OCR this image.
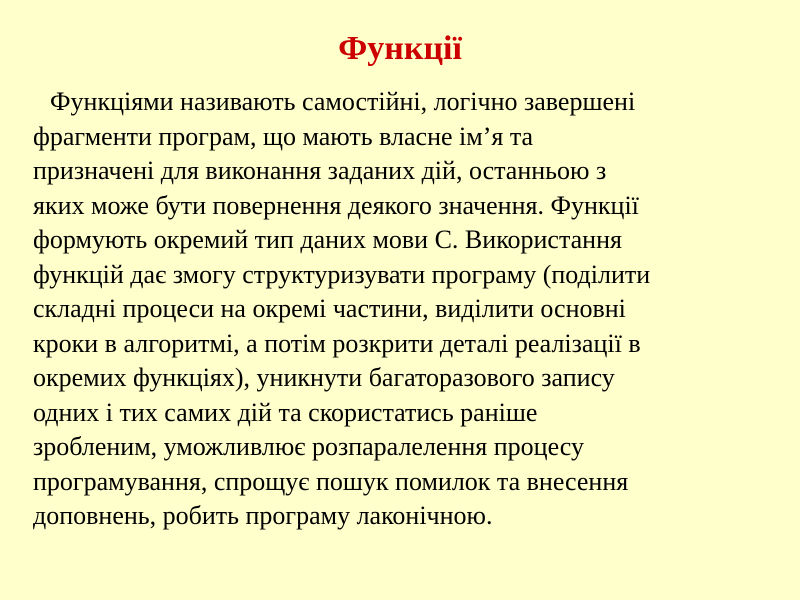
Функції

Функціями називають самостійні, логічно завершені
фрагменти програм, що мають власне ім’я та
призначені для виконання заданих дій, останньою з
яких може бути повернення деякого значення. Функції
формують окремий тип даних мови С. Використання
функцій дає змогу структуризувати програму (поділити
складні процеси на окремі частини, виділити основні
кроки в алгоритмі, а потім розкрити деталі реалізації в
окремих функціях), уникнути багаторазового запису
одних і тих самих дій та скористатись раніше
зробленим, уможливлює розпаралелення процесу
програмування, спрощує пошук помилок та внесення
доповнень, робить програму лаконічною.
